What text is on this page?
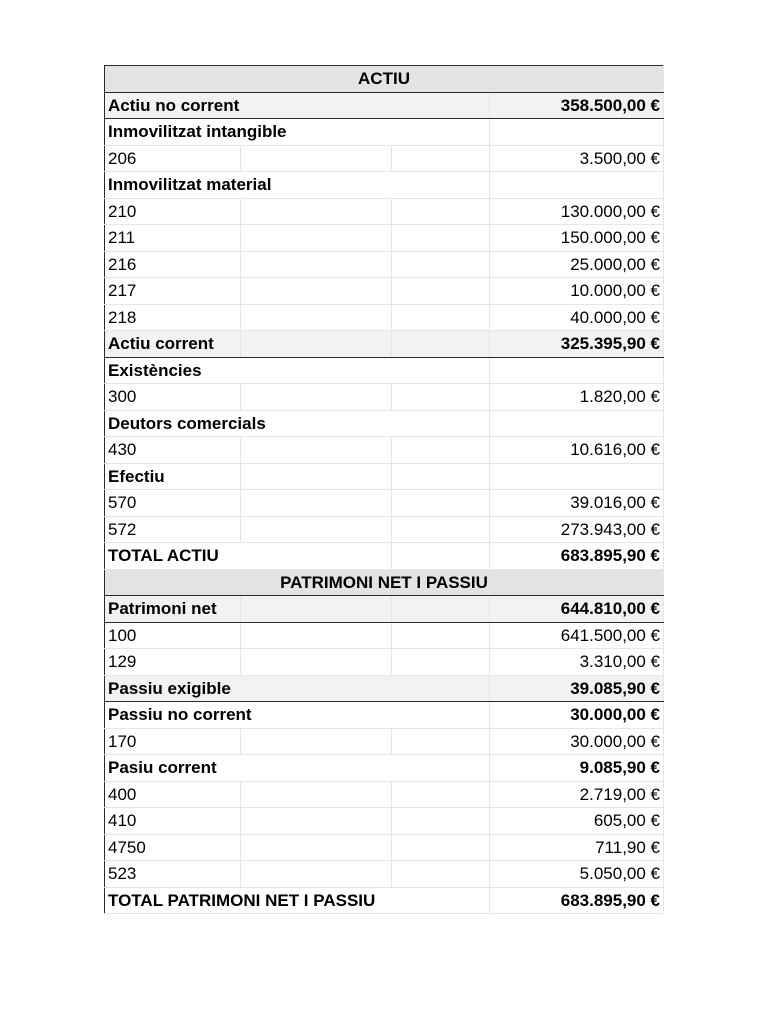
ACTIU			
Actiu no corrent			358.500,00 €
Inmovilitzat intangible			
206			3.500,00 €
Inmovilitzat material			
210			130.000,00 €
211			150.000,00 €
216			25.000,00 €
217			10.000,00 €
218			40.000,00 €
Actiu corrent			325.395,90 €
Existències			
300			1.820,00 €
Deutors comercials			
430			10.616,00 €
Efectiu			
570			39.016,00 €
572			273.943,00 €
TOTAL ACTIU			683.895,90 €
PATRIMONI NET I PASSIU			
Patrimoni net			644.810,00 €
100			641.500,00 €
129			3.310,00 €
Passiu exigible			39.085,90 €
Passiu no corrent			30.000,00 €
170			30.000,00 €
Pasiu corrent			9.085,90 €
400			2.719,00 €
410			605,00 €
4750			711,90 €
523			5.050,00 €
TOTAL PATRIMONI NET I PASSIU			683.895,90 €
